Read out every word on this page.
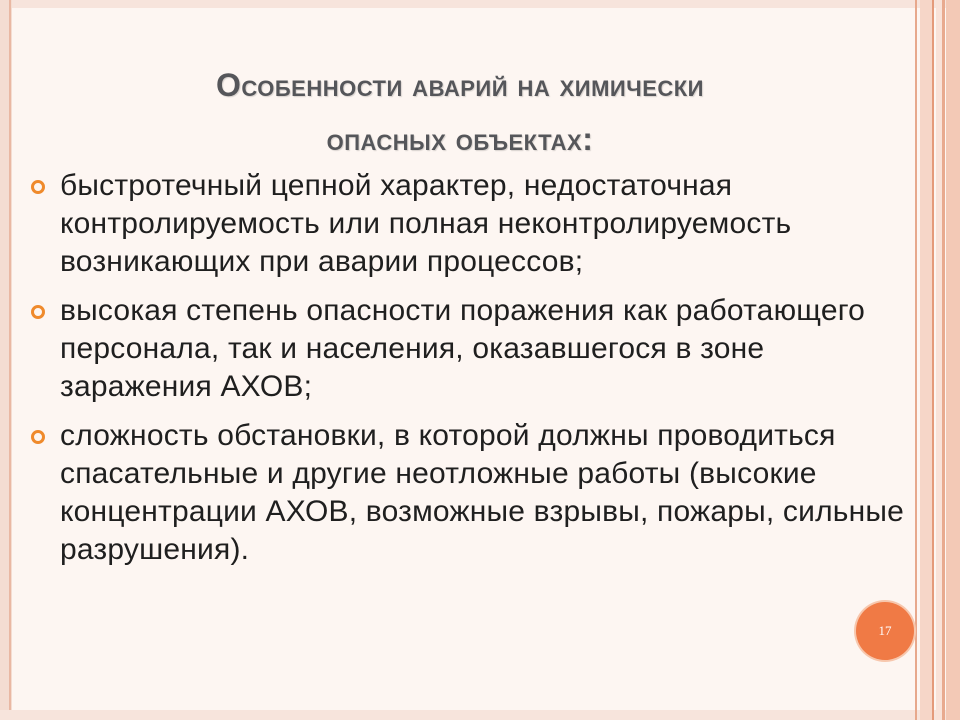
Особенности аварий на химически
опасных объектах:
быстротечный цепной характер, недостаточная контролируемость или полная неконтролируемость возникающих при аварии процессов;
высокая степень опасности поражения как работающего персонала, так и населения, оказавшегося в зоне заражения АХОВ;
сложность обстановки, в которой должны проводиться спасательные и другие неотложные работы (высокие концентрации АХОВ, возможные взрывы, пожары, сильные разрушения).
17
